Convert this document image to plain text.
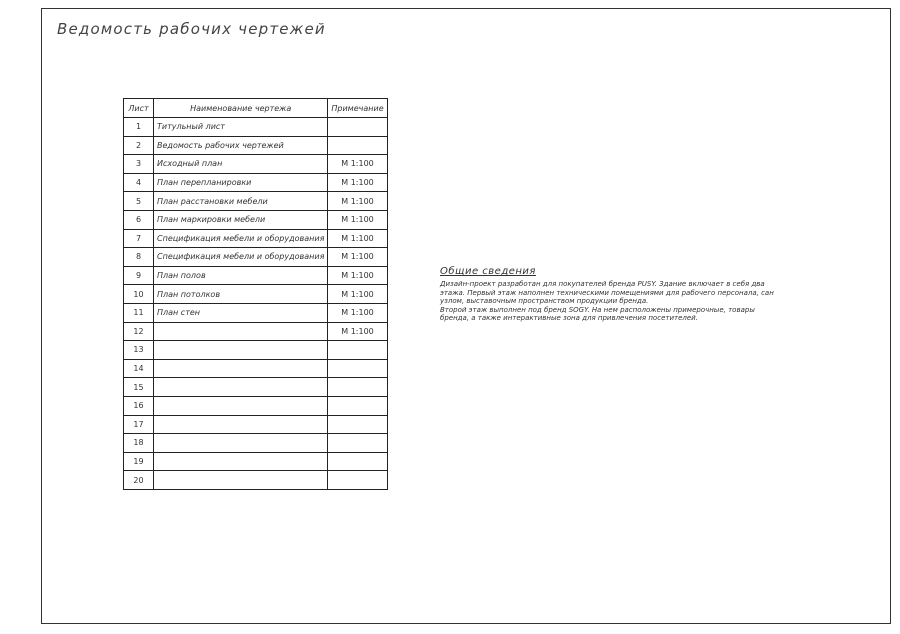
Ведомость рабочих чертежей
Лист	Наименование чертежа	Примечание
1	Титульный лист	
2	Ведомость рабочих чертежей	
3	Исходный план	М 1:100
4	План перепланировки	М 1:100
5	План расстановки мебели	М 1:100
6	План маркировки мебели	М 1:100
7	Спецификация мебели и оборудования	М 1:100
8	Спецификация мебели и оборудования	М 1:100
9	План полов	М 1:100
10	План потолков	М 1:100
11	План стен	М 1:100
12		М 1:100
13		
14		
15		
16		
17		
18		
19		
20		

Общие сведения

Дизайн-проект разработан для покупателей бренда PUSY. Здание включает в себя два
этажа. Первый этаж наполнен техническими помещениями для рабочего персонала, сан
узлом, выставочным пространством продукции бренда.
Второй этаж выполнен под бренд SOGY. На нем расположены примерочные, товары
бренда, а также интерактивные зона для привлечения посетителей.
